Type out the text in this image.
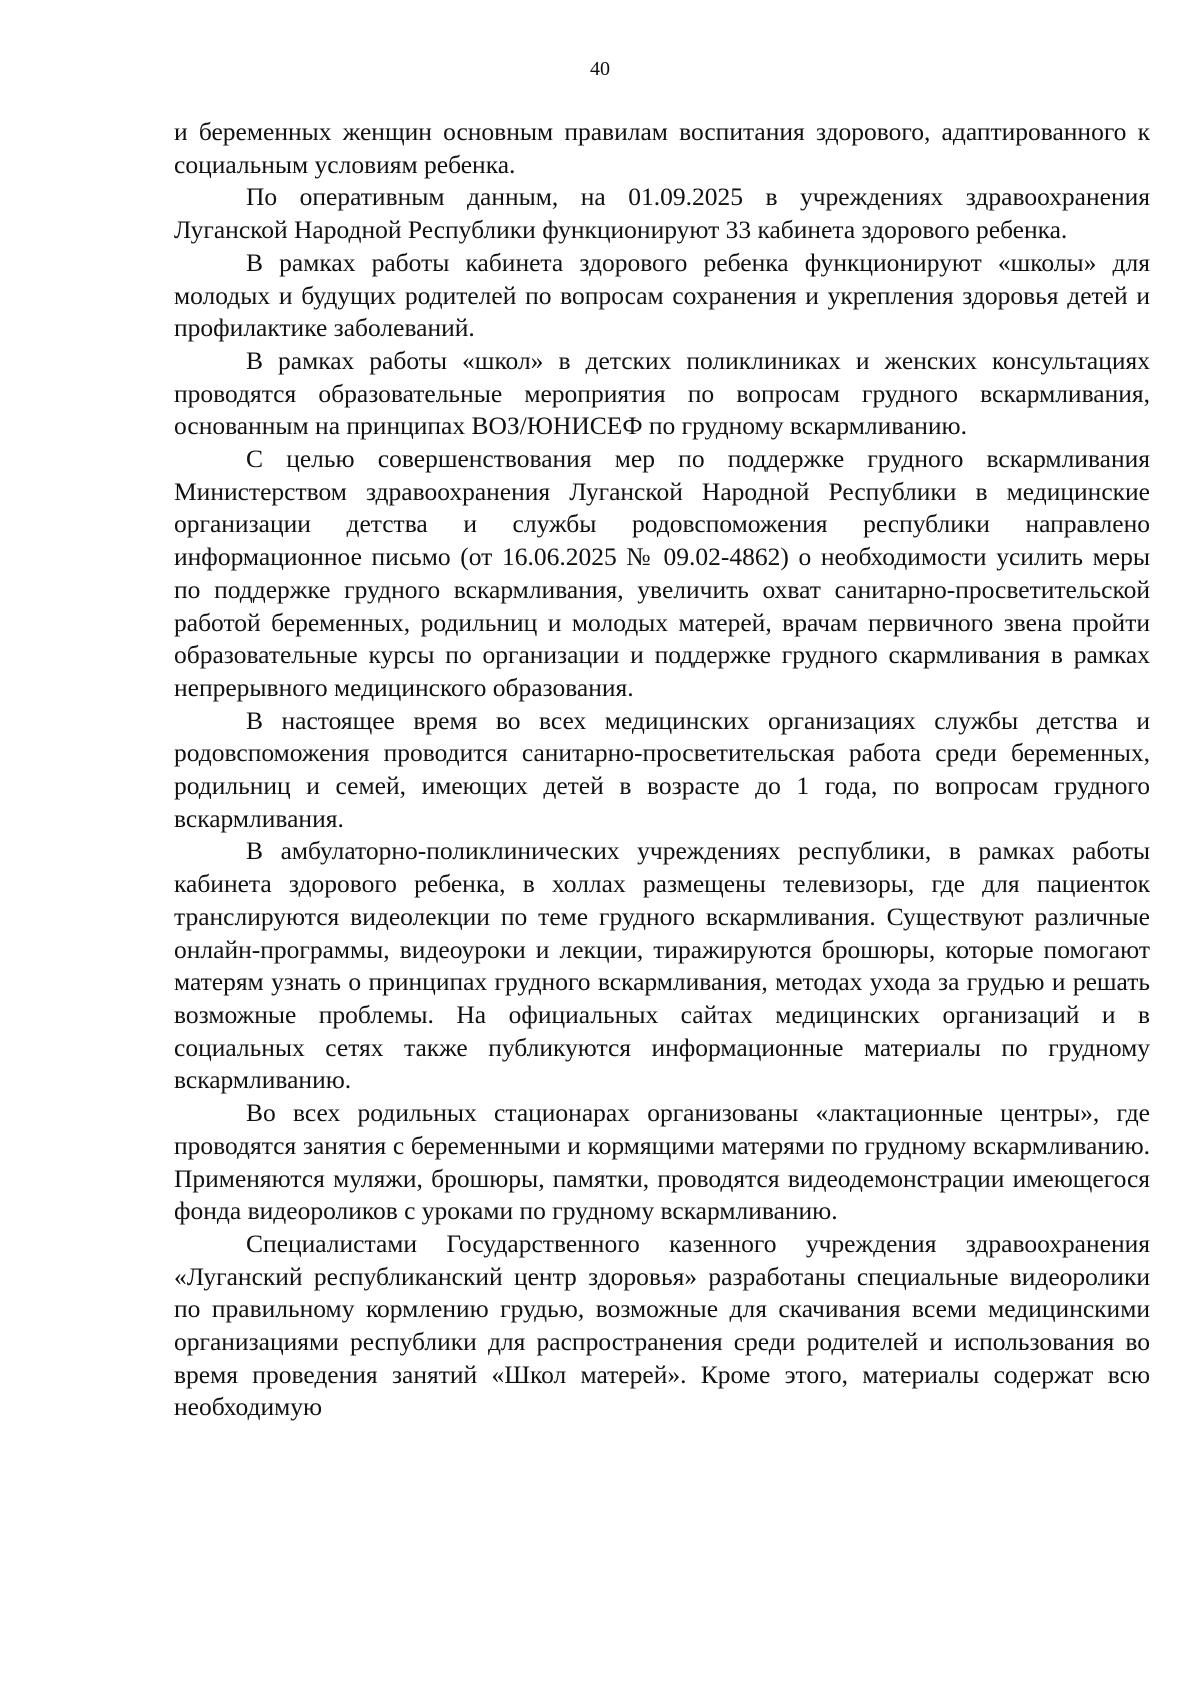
40

и беременных женщин основным правилам воспитания здорового, адаптированного к социальным условиям ребенка.

По оперативным данным, на 01.09.2025 в учреждениях здравоохранения Луганской Народной Республики функционируют 33 кабинета здорового ребенка.

В рамках работы кабинета здорового ребенка функционируют «школы» для молодых и будущих родителей по вопросам сохранения и укрепления здоровья детей и профилактике заболеваний.

В рамках работы «школ» в детских поликлиниках и женских консультациях проводятся образовательные мероприятия по вопросам грудного вскармливания, основанным на принципах ВОЗ/ЮНИСЕФ по грудному вскармливанию.

С целью совершенствования мер по поддержке грудного вскармливания Министерством здравоохранения Луганской Народной Республики в медицинские организации детства и службы родовспоможения республики направлено информационное письмо (от 16.06.2025 № 09.02-4862) о необходимости усилить меры по поддержке грудного вскармливания, увеличить охват санитарно-просветительской работой беременных, родильниц и молодых матерей, врачам первичного звена пройти образовательные курсы по организации и поддержке грудного скармливания в рамках непрерывного медицинского образования.

В настоящее время во всех медицинских организациях службы детства и родовспоможения проводится санитарно-просветительская работа среди беременных, родильниц и семей, имеющих детей в возрасте до 1 года, по вопросам грудного вскармливания.

В амбулаторно-поликлинических учреждениях республики, в рамках работы кабинета здорового ребенка, в холлах размещены телевизоры, где для пациенток транслируются видеолекции по теме грудного вскармливания. Существуют различные онлайн-программы, видеоуроки и лекции, тиражируются брошюры, которые помогают матерям узнать о принципах грудного вскармливания, методах ухода за грудью и решать возможные проблемы. На официальных сайтах медицинских организаций и в социальных сетях также публикуются информационные материалы по грудному вскармливанию.

Во всех родильных стационарах организованы «лактационные центры», где проводятся занятия с беременными и кормящими матерями по грудному вскармливанию. Применяются муляжи, брошюры, памятки, проводятся видеодемонстрации имеющегося фонда видеороликов с уроками по грудному вскармливанию.

Специалистами Государственного казенного учреждения здравоохранения «Луганский республиканский центр здоровья» разработаны специальные видеоролики по правильному кормлению грудью, возможные для скачивания всеми медицинскими организациями республики для распространения среди родителей и использования во время проведения занятий «Школ матерей». Кроме этого, материалы содержат всю необходимую
